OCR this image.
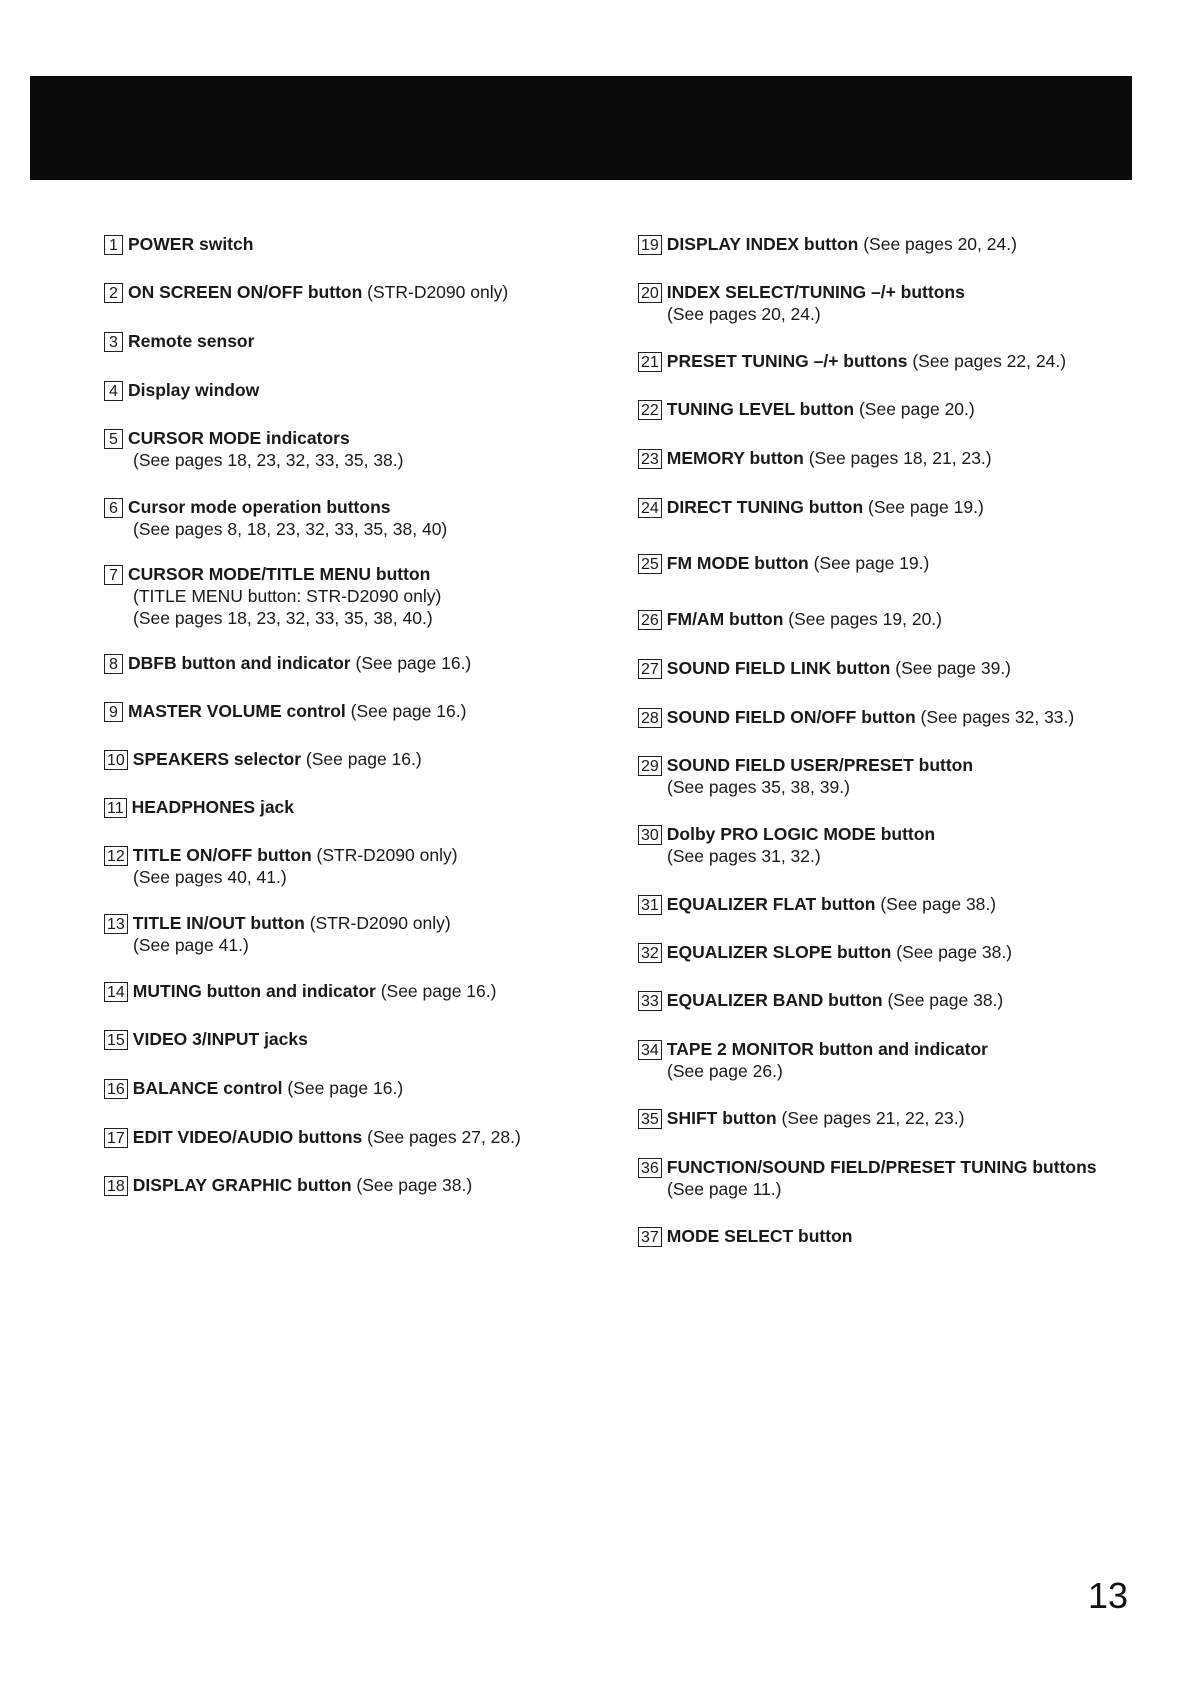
1 POWER switch
2 ON SCREEN ON/OFF button (STR-D2090 only)
3 Remote sensor
4 Display window
5 CURSOR MODE indicators
(See pages 18, 23, 32, 33, 35, 38.)
6 Cursor mode operation buttons
(See pages 8, 18, 23, 32, 33, 35, 38, 40)
7 CURSOR MODE/TITLE MENU button
(TITLE MENU button: STR-D2090 only)
(See pages 18, 23, 32, 33, 35, 38, 40.)
8 DBFB button and indicator (See page 16.)
9 MASTER VOLUME control (See page 16.)
10 SPEAKERS selector (See page 16.)
11 HEADPHONES jack
12 TITLE ON/OFF button (STR-D2090 only)
(See pages 40, 41.)
13 TITLE IN/OUT button (STR-D2090 only)
(See page 41.)
14 MUTING button and indicator (See page 16.)
15 VIDEO 3/INPUT jacks
16 BALANCE control (See page 16.)
17 EDIT VIDEO/AUDIO buttons (See pages 27, 28.)
18 DISPLAY GRAPHIC button (See page 38.)
19 DISPLAY INDEX button (See pages 20, 24.)
20 INDEX SELECT/TUNING –/+ buttons
(See pages 20, 24.)
21 PRESET TUNING –/+ buttons (See pages 22, 24.)
22 TUNING LEVEL button (See page 20.)
23 MEMORY button (See pages 18, 21, 23.)
24 DIRECT TUNING button (See page 19.)
25 FM MODE button (See page 19.)
26 FM/AM button (See pages 19, 20.)
27 SOUND FIELD LINK button (See page 39.)
28 SOUND FIELD ON/OFF button (See pages 32, 33.)
29 SOUND FIELD USER/PRESET button
(See pages 35, 38, 39.)
30 Dolby PRO LOGIC MODE button
(See pages 31, 32.)
31 EQUALIZER FLAT button (See page 38.)
32 EQUALIZER SLOPE button (See page 38.)
33 EQUALIZER BAND button (See page 38.)
34 TAPE 2 MONITOR button and indicator
(See page 26.)
35 SHIFT button (See pages 21, 22, 23.)
36 FUNCTION/SOUND FIELD/PRESET TUNING buttons
(See page 11.)
37 MODE SELECT button
13
